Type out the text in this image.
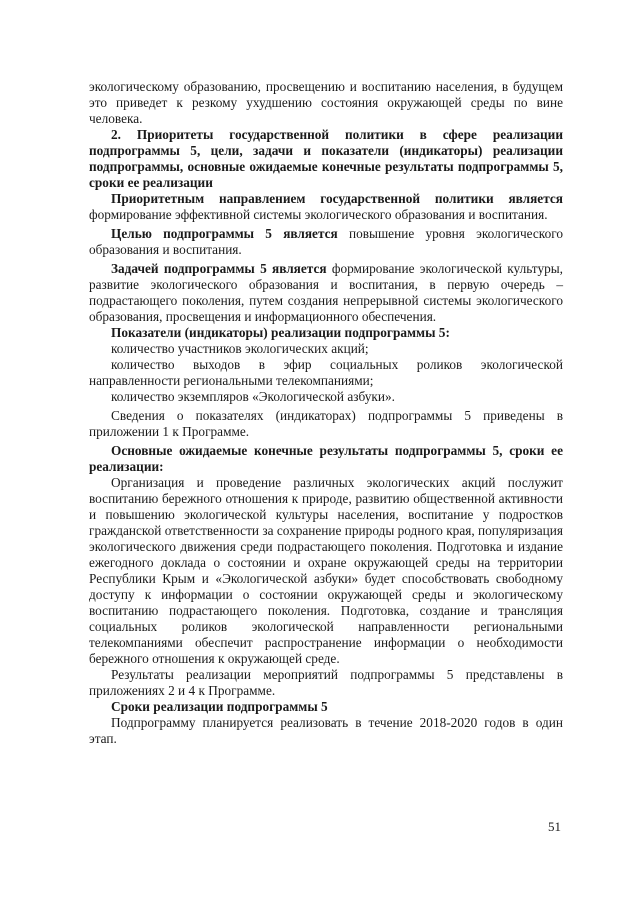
экологическому образованию, просвещению и воспитанию населения, в будущем это приведет к резкому ухудшению состояния окружающей среды по вине человека.

2. Приоритеты государственной политики в сфере реализации подпрограммы 5, цели, задачи и показатели (индикаторы) реализации подпрограммы, основные ожидаемые конечные результаты подпрограммы 5, сроки ее реализации

Приоритетным направлением государственной политики является формирование эффективной системы экологического образования и воспитания.

Целью подпрограммы 5 является повышение уровня экологического образования и воспитания.

Задачей подпрограммы 5 является формирование экологической культуры, развитие экологического образования и воспитания, в первую очередь – подрастающего поколения, путем создания непрерывной системы экологического образования, просвещения и информационного обеспечения.

Показатели (индикаторы) реализации подпрограммы 5:

количество участников экологических акций;

количество выходов в эфир социальных роликов экологической направленности региональными телекомпаниями;

количество экземпляров «Экологической азбуки».

Сведения о показателях (индикаторах) подпрограммы 5 приведены в приложении 1 к Программе.

Основные ожидаемые конечные результаты подпрограммы 5, сроки ее реализации:

Организация и проведение различных экологических акций послужит воспитанию бережного отношения к природе, развитию общественной активности и повышению экологической культуры населения, воспитание у подростков гражданской ответственности за сохранение природы родного края, популяризация экологического движения среди подрастающего поколения. Подготовка и издание ежегодного доклада о состоянии и охране окружающей среды на территории Республики Крым и «Экологической азбуки» будет способствовать свободному доступу к информации о состоянии окружающей среды и экологическому воспитанию подрастающего поколения. Подготовка, создание и трансляция социальных роликов экологической направленности региональными телекомпаниями обеспечит распространение информации о необходимости бережного отношения к окружающей среде.

Результаты реализации мероприятий подпрограммы 5 представлены в приложениях 2 и 4 к Программе.

Сроки реализации подпрограммы 5

Подпрограмму планируется реализовать в течение 2018-2020 годов в один этап.

51
